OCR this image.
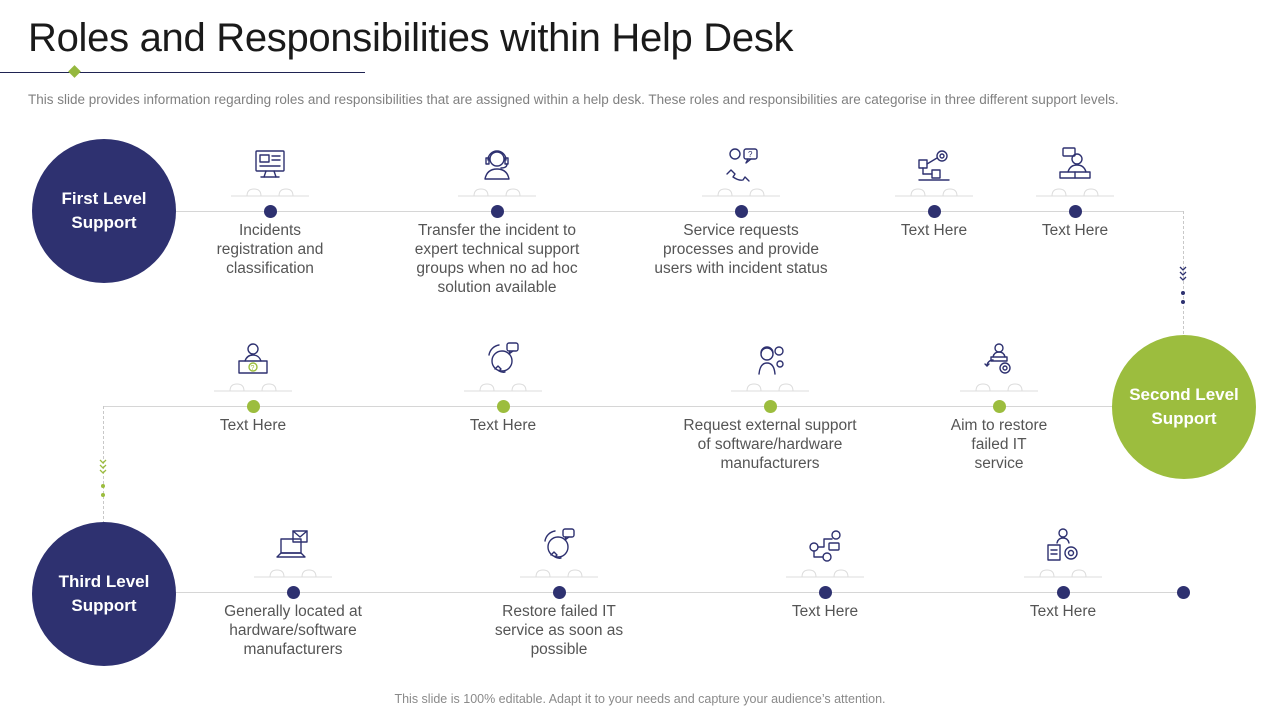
Roles and Responsibilities within Help Desk
This slide provides information regarding roles and responsibilities that are assigned within a help desk. These roles and responsibilities are categorise in three different support levels.
First Level
Support
Second Level
Support
Third Level
Support
Incidents
registration and
classification
Transfer the incident to
expert technical support
groups when no ad hoc
solution available
?
Service requests
processes and provide
users with incident status
Text Here	Text Here
?
Text Here	Text Here	Request external support
of software/hardware
manufacturers
Aim to restore
failed IT
service
Generally located at
hardware/software
manufacturers
Restore failed IT
service as soon as
possible
Text Here	Text Here
This slide is 100% editable. Adapt it to your needs and capture your audience’s attention.
